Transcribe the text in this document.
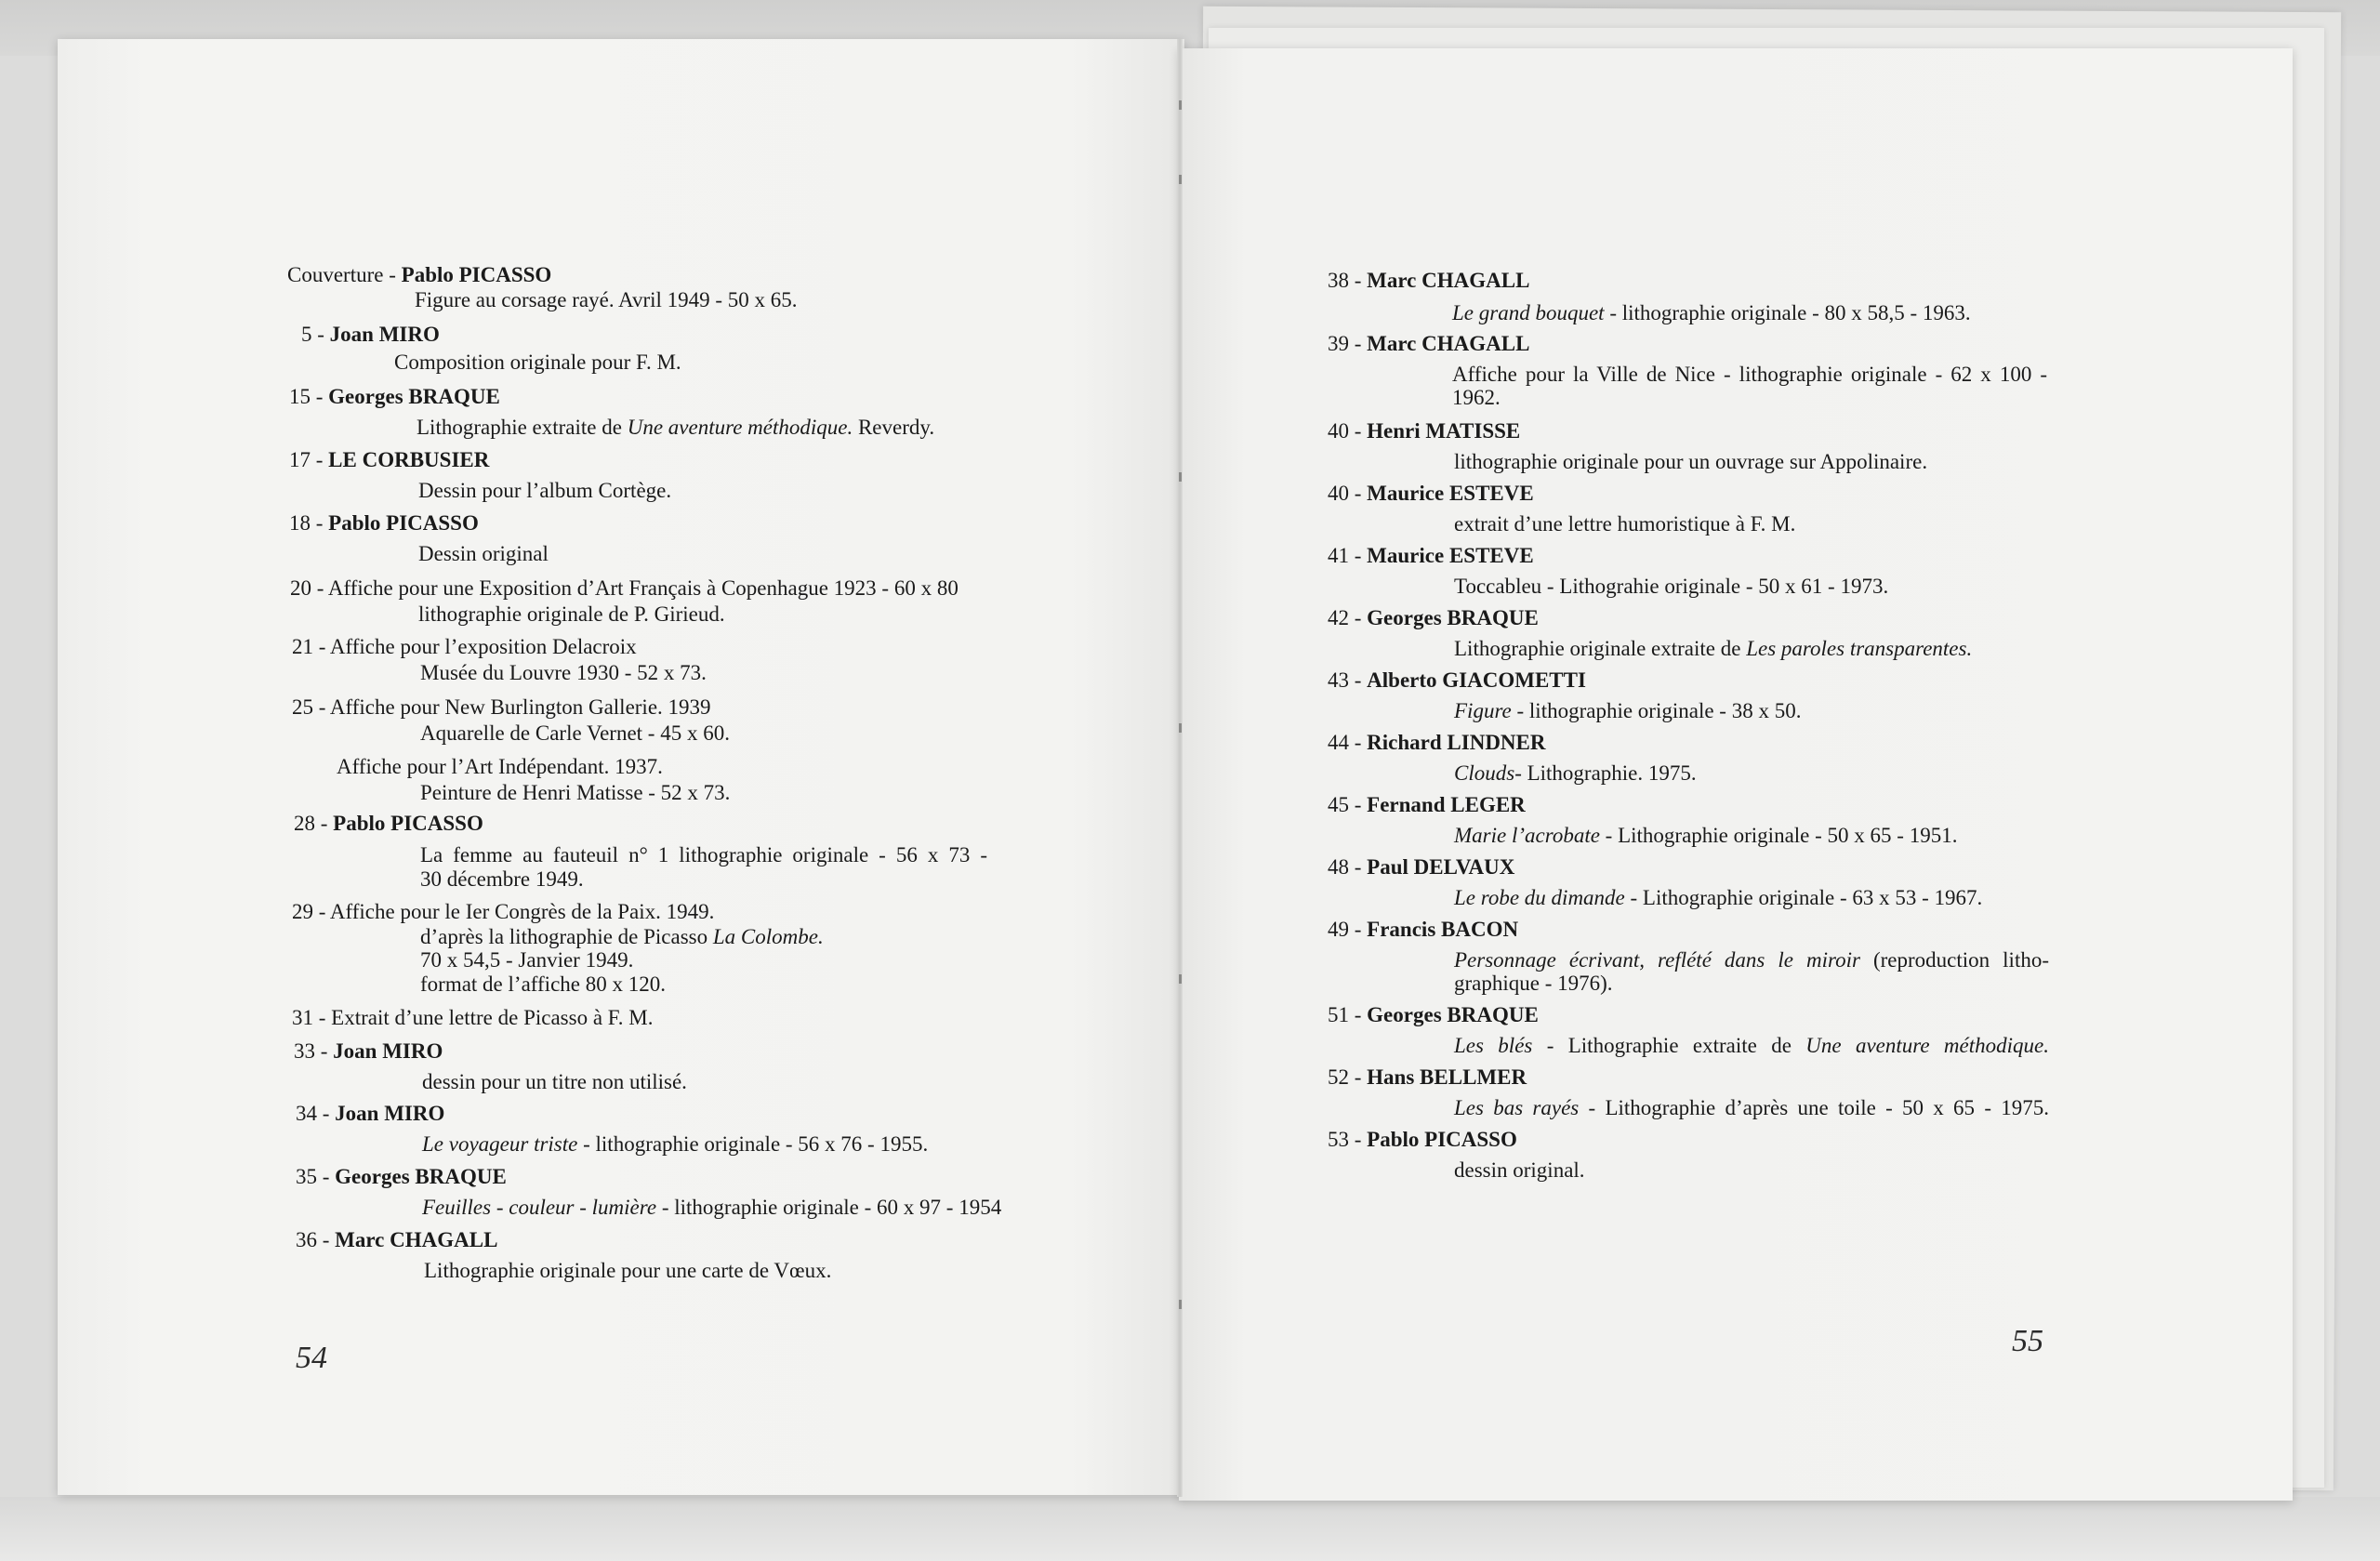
Couverture - Pablo PICASSO
Figure au corsage rayé. Avril 1949 - 50 x 65.
5 - Joan MIRO
Composition originale pour F. M.
15 - Georges BRAQUE
Lithographie extraite de Une aventure méthodique. Reverdy.
17 - LE CORBUSIER
Dessin pour l’album Cortège.
18 - Pablo PICASSO
Dessin original
20 - Affiche pour une Exposition d’Art Français à Copenhague 1923 - 60 x 80
lithographie originale de P. Girieud.
21 - Affiche pour l’exposition Delacroix
Musée du Louvre 1930 - 52 x 73.
25 - Affiche pour New Burlington Gallerie. 1939
Aquarelle de Carle Vernet - 45 x 60.
Affiche pour l’Art Indépendant. 1937.
Peinture de Henri Matisse - 52 x 73.
28 - Pablo PICASSO
La femme au fauteuil n° 1 lithographie originale - 56 x 73 -
30 décembre 1949.
29 - Affiche pour le Ier Congrès de la Paix. 1949.
d’après la lithographie de Picasso La Colombe.
70 x 54,5 - Janvier 1949.
format de l’affiche 80 x 120.
31 - Extrait d’une lettre de Picasso à F. M.
33 - Joan MIRO
dessin pour un titre non utilisé.
34 - Joan MIRO
Le voyageur triste - lithographie originale - 56 x 76 - 1955.
35 - Georges BRAQUE
Feuilles - couleur - lumière - lithographie originale - 60 x 97 - 1954
36 - Marc CHAGALL
Lithographie originale pour une carte de Vœux.
38 - Marc CHAGALL
Le grand bouquet - lithographie originale - 80 x 58,5 - 1963.
39 - Marc CHAGALL
Affiche pour la Ville de Nice - lithographie originale - 62 x 100 -
1962.
40 - Henri MATISSE
lithographie originale pour un ouvrage sur Appolinaire.
40 - Maurice ESTEVE
extrait d’une lettre humoristique à F. M.
41 - Maurice ESTEVE
Toccableu - Lithograhie originale - 50 x 61 - 1973.
42 - Georges BRAQUE
Lithographie originale extraite de Les paroles transparentes.
43 - Alberto GIACOMETTI
Figure - lithographie originale - 38 x 50.
44 - Richard LINDNER
Clouds- Lithographie. 1975.
45 - Fernand LEGER
Marie l’acrobate - Lithographie originale - 50 x 65 - 1951.
48 - Paul DELVAUX
Le robe du dimande - Lithographie originale - 63 x 53 - 1967.
49 - Francis BACON
Personnage écrivant, reflété dans le miroir (reproduction litho-
graphique - 1976).
51 - Georges BRAQUE
Les blés - Lithographie extraite de Une aventure méthodique.
52 - Hans BELLMER
Les bas rayés - Lithographie d’après une toile - 50 x 65 - 1975.
53 - Pablo PICASSO
dessin original.
54	55
